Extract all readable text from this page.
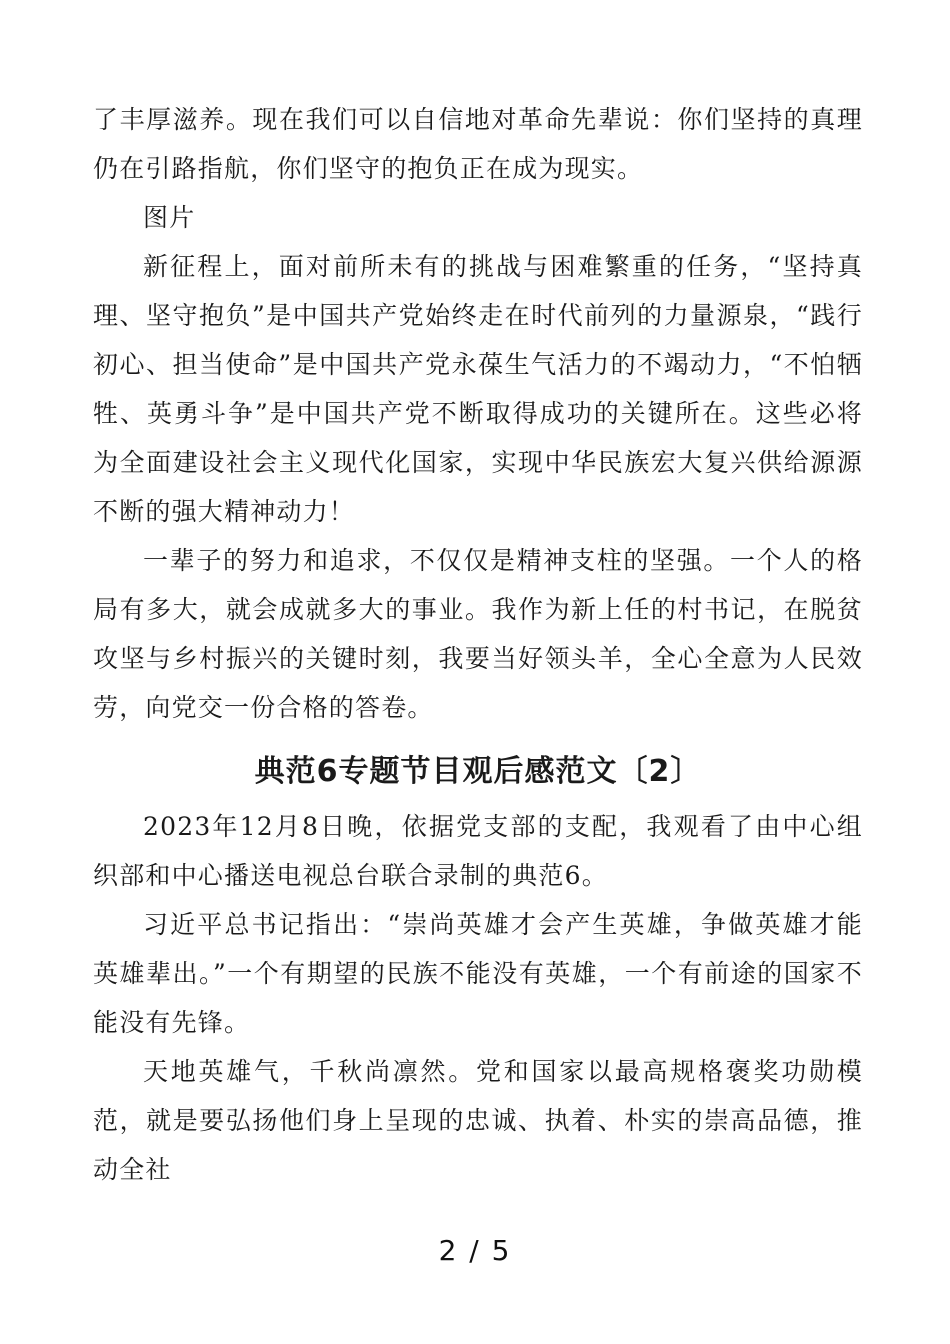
了丰厚滋养。现在我们可以自信地对革命先辈说：你们坚持的真理仍在引路指航，你们坚守的抱负正在成为现实。

图片

新征程上，面对前所未有的挑战与困难繁重的任务，“坚持真理、坚守抱负”是中国共产党始终走在时代前列的力量源泉，“践行初心、担当使命”是中国共产党永葆生气活力的不竭动力，“不怕牺牲、英勇斗争”是中国共产党不断取得成功的关键所在。这些必将为全面建设社会主义现代化国家，实现中华民族宏大复兴供给源源不断的强大精神动力！

一辈子的努力和追求，不仅仅是精神支柱的坚强。一个人的格局有多大，就会成就多大的事业。我作为新上任的村书记，在脱贫攻坚与乡村振兴的关键时刻，我要当好领头羊，全心全意为人民效劳，向党交一份合格的答卷。

典范6专题节目观后感范文〔2〕

2023年12月8日晚，依据党支部的支配，我观看了由中心组织部和中心播送电视总台联合录制的典范6。

习近平总书记指出：“崇尚英雄才会产生英雄，争做英雄才能英雄辈出。”一个有期望的民族不能没有英雄，一个有前途的国家不能没有先锋。

天地英雄气，千秋尚凛然。党和国家以最高规格褒奖功勋模范，就是要弘扬他们身上呈现的忠诚、执着、朴实的崇高品德，推动全社

2 / 5
